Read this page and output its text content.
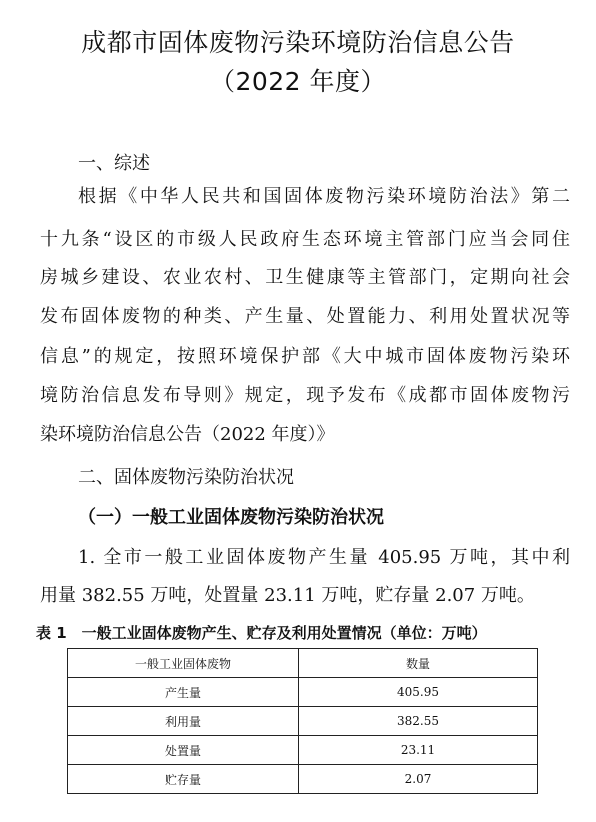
成都市固体废物污染环境防治信息公告
（2022 年度）
一、综述
根据《中华人民共和国固体废物污染环境防治法》第二
十九条“设区的市级人民政府生态环境主管部门应当会同住
房城乡建设、农业农村、卫生健康等主管部门，定期向社会
发布固体废物的种类、产生量、处置能力、利用处置状况等
信息”的规定，按照环境保护部《大中城市固体废物污染环
境防治信息发布导则》规定，现予发布《成都市固体废物污
染环境防治信息公告（2022 年度）》
二、固体废物污染防治状况
（一）一般工业固体废物污染防治状况
1. 全市一般工业固体废物产生量 405.95 万吨，其中利
用量 382.55 万吨，处置量 23.11 万吨，贮存量 2.07 万吨。
表 1　一般工业固体废物产生、贮存及利用处置情况（单位：万吨）
一般工业固体废物	数量
产生量	405.95
利用量	382.55
处置量	23.11
贮存量	2.07
